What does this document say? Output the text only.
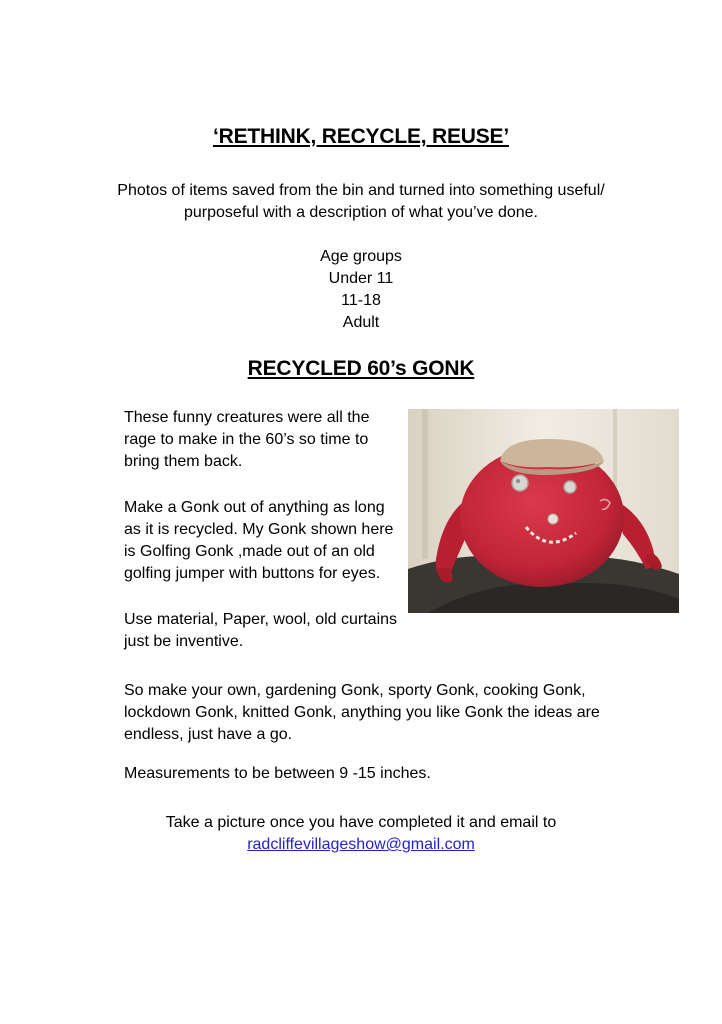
‘RETHINK, RECYCLE, REUSE’
Photos of items saved from the bin and turned into something useful/
purposeful with a description of what you’ve done.
Age groups
Under 11
11-18
Adult
RECYCLED 60’s GONK
These funny creatures were all the
rage to make in the 60’s so time to
bring them back.
Make a Gonk out of anything as long
as it is recycled. My Gonk shown here
is Golfing Gonk ,made out of an old
golfing jumper with buttons for eyes.
Use material, Paper, wool, old curtains
just be inventive.
So make your own, gardening Gonk, sporty Gonk, cooking Gonk,
lockdown Gonk, knitted Gonk, anything you like Gonk the ideas are
endless, just have a go.
Measurements to be between 9 -15 inches.
Take a picture once you have completed it and email to
radcliffevillageshow@gmail.com
